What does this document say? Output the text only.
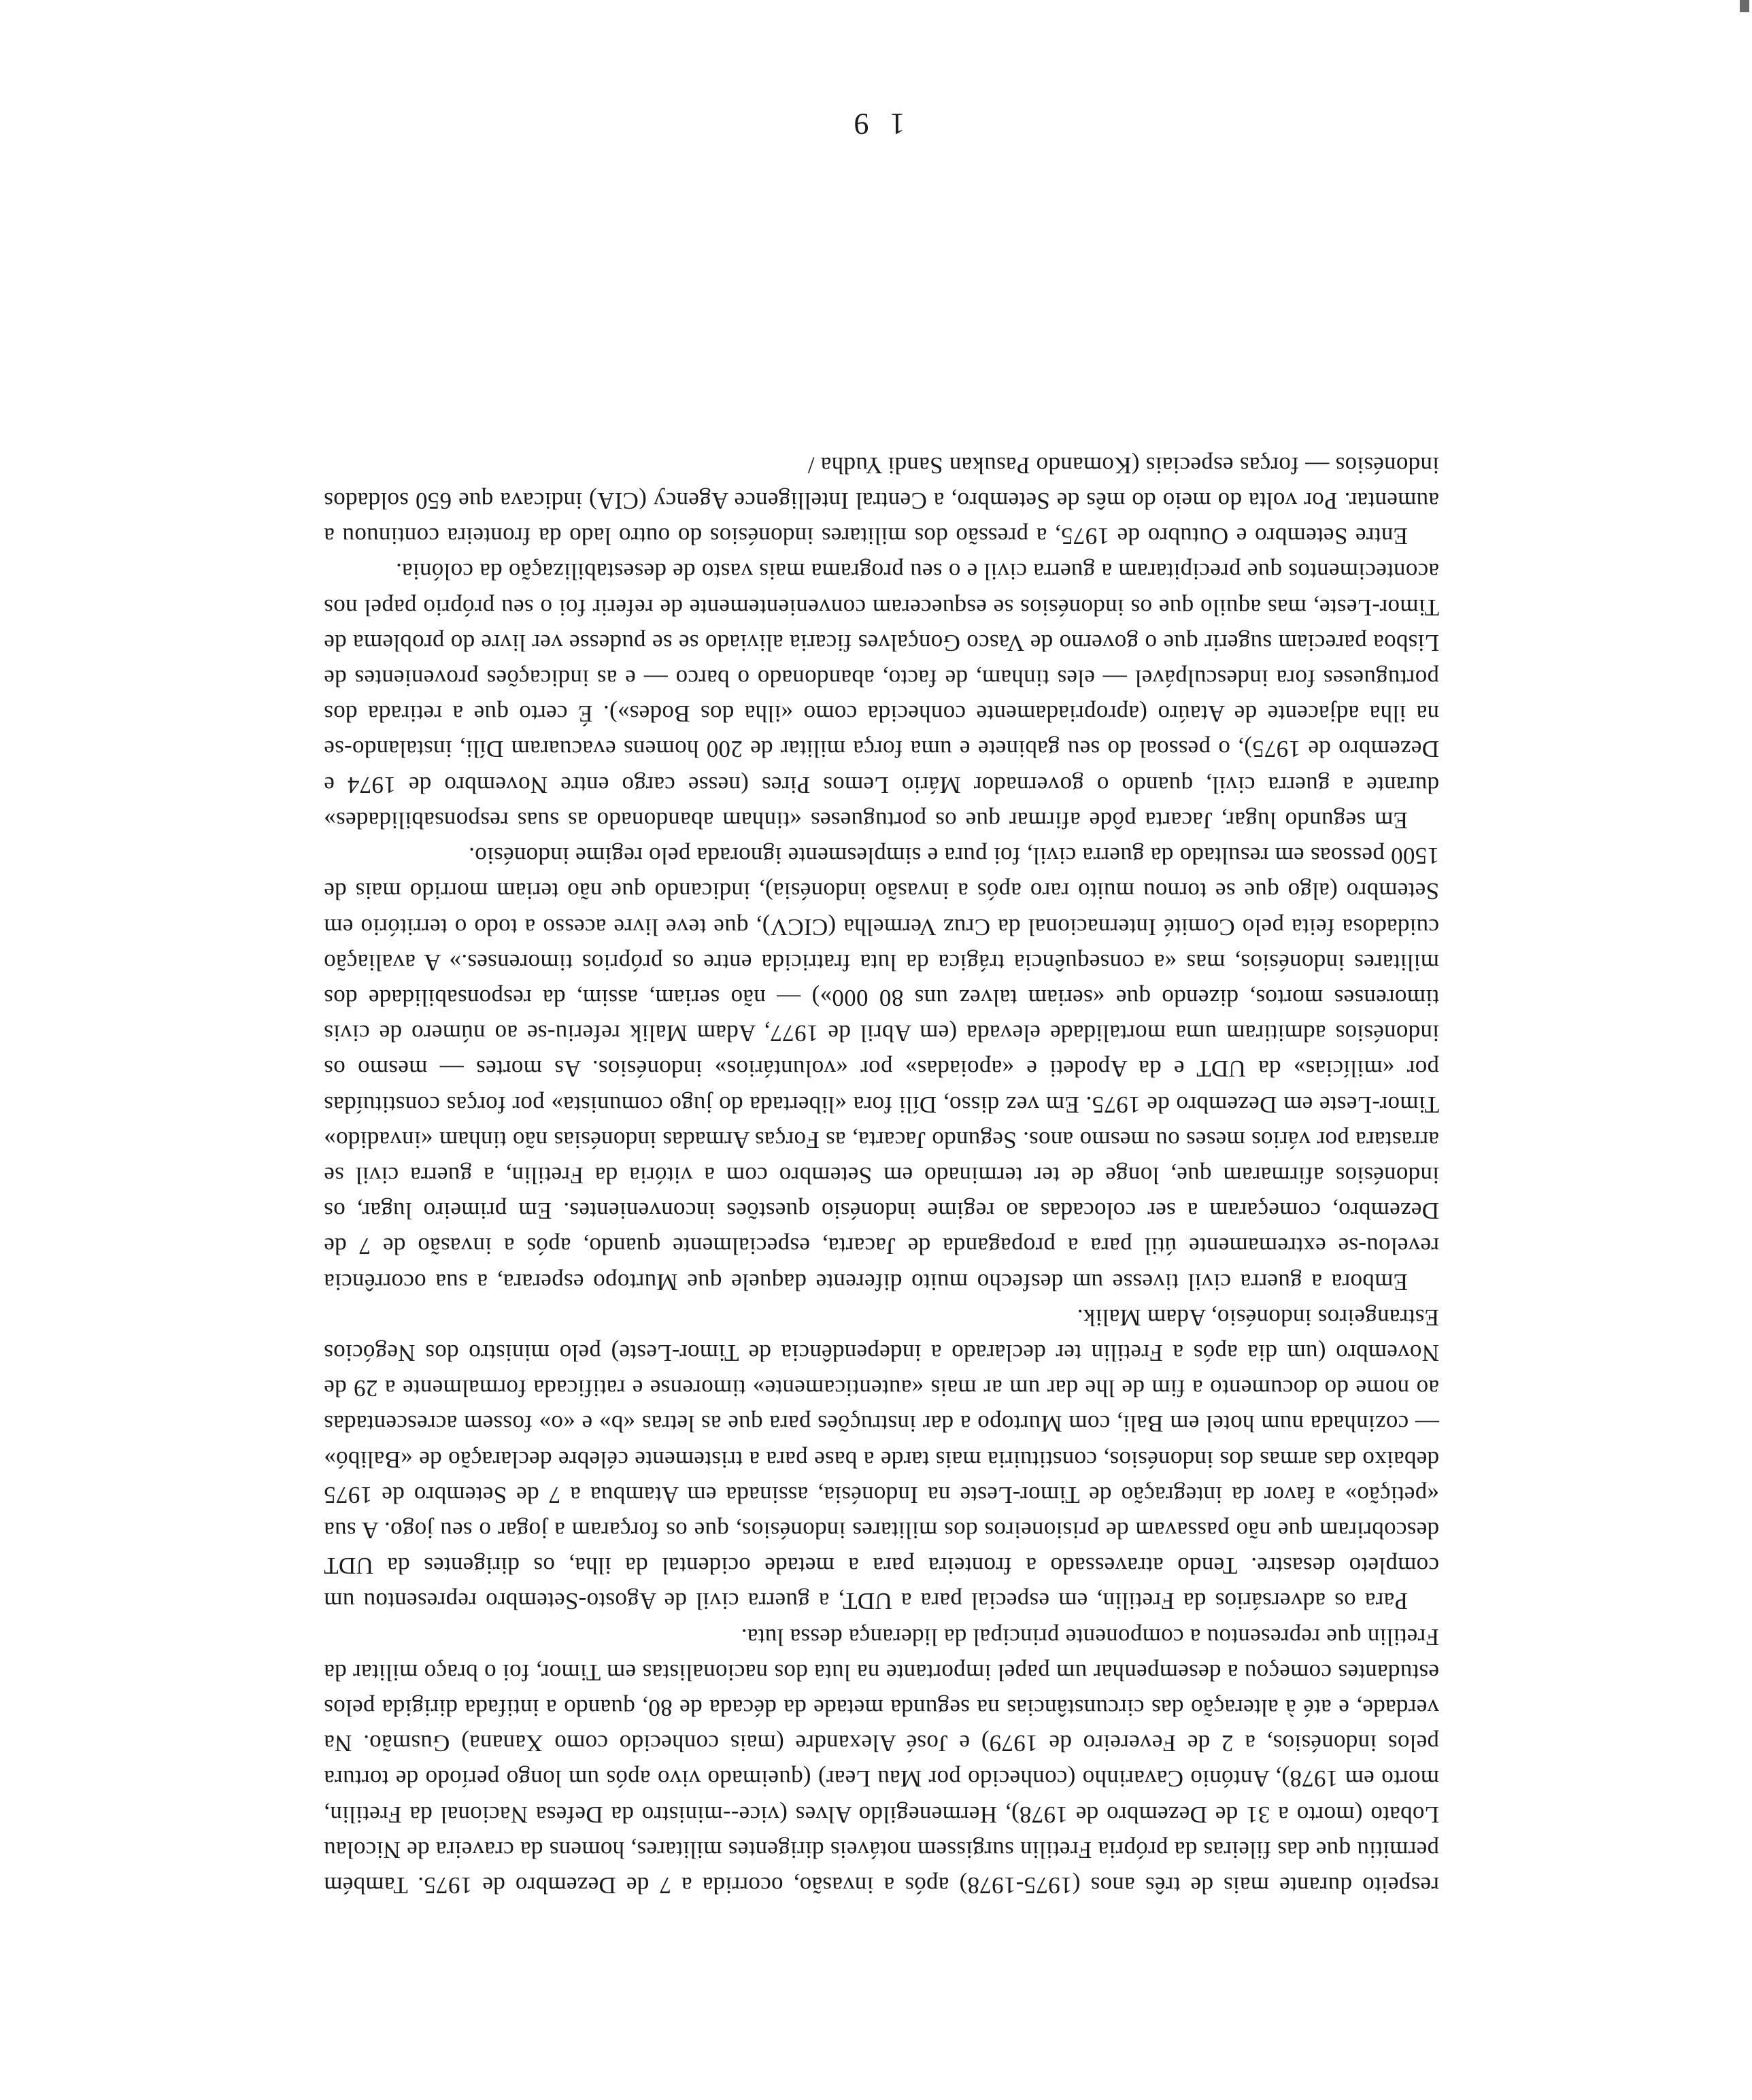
respeito durante mais de três anos (1975-1978) após a invasão, ocorrida a 7 de Dezembro de 1975. Também permitiu que das fileiras da própria Fretilin surgissem notáveis dirigentes militares, homens da craveira de Nicolau Lobato (morto a 31 de Dezembro de 1978), Hermenegildo Alves (vice--ministro da Defesa Nacional da Fretilin, morto em 1978), António Cavarinho (conhecido por Mau Lear) (queimado vivo após um longo período de tortura pelos indonésios, a 2 de Fevereiro de 1979) e José Alexandre (mais conhecido como Xanana) Gusmão. Na verdade, e até à alteração das circunstâncias na segunda metade da década de 80, quando a intifada dirigida pelos estudantes começou a desempenhar um papel importante na luta dos nacionalistas em Timor, foi o braço militar da Fretilin que representou a componente principal da liderança dessa luta.

Para os adversários da Fretilin, em especial para a UDT, a guerra civil de Agosto-Setembro representou um completo desastre. Tendo atravessado a fronteira para a metade ocidental da ilha, os dirigentes da UDT descobriram que não passavam de prisioneiros dos militares indonésios, que os forçaram a jogar o seu jogo. A sua «petição» a favor da integração de Timor-Leste na Indonésia, assinada em Atambua a 7 de Setembro de 1975 debaixo das armas dos indonésios, constituiria mais tarde a base para a tristemente célebre declaração de «Balibó» — cozinhada num hotel em Bali, com Murtopo a dar instruções para que as letras «b» e «o» fossem acrescentadas ao nome do documento a fim de lhe dar um ar mais «autenticamente» timorense e ratificada formalmente a 29 de Novembro (um dia após a Fretilin ter declarado a independência de Timor-Leste) pelo ministro dos Negócios Estrangeiros indonésio, Adam Malik.

Embora a guerra civil tivesse um desfecho muito diferente daquele que Murtopo esperara, a sua ocorrência revelou-se extremamente útil para a propaganda de Jacarta, especialmente quando, após a invasão de 7 de Dezembro, começaram a ser colocadas ao regime indonésio questões inconvenientes. Em primeiro lugar, os indonésios afirmaram que, longe de ter terminado em Setembro com a vitória da Fretilin, a guerra civil se arrastara por vários meses ou mesmo anos. Segundo Jacarta, as Forças Armadas indonésias não tinham «invadido» Timor-Leste em Dezembro de 1975. Em vez disso, Díli fora «libertada do jugo comunista» por forças constituídas por «milícias» da UDT e da Apodeti e «apoiadas» por «voluntários» indonésios. As mortes — mesmo os indonésios admitiram uma mortalidade elevada (em Abril de 1977, Adam Malik referiu-se ao número de civis timorenses mortos, dizendo que «seriam talvez uns 80 000») — não seriam, assim, da responsabilidade dos militares indonésios, mas «a consequência trágica da luta fratricida entre os próprios timorenses.» A avaliação cuidadosa feita pelo Comité Internacional da Cruz Vermelha (CICV), que teve livre acesso a todo o território em Setembro (algo que se tornou muito raro após a invasão indonésia), indicando que não teriam morrido mais de 1500 pessoas em resultado da guerra civil, foi pura e simplesmente ignorada pelo regime indonésio.

Em segundo lugar, Jacarta pôde afirmar que os portugueses «tinham abandonado as suas responsabilidades» durante a guerra civil, quando o governador Mário Lemos Pires (nesse cargo entre Novembro de 1974 e Dezembro de 1975), o pessoal do seu gabinete e uma força militar de 200 homens evacuaram Díli, instalando-se na ilha adjacente de Ataúro (apropriadamente conhecida como «ilha dos Bodes»). É certo que a retirada dos portugueses fora indesculpável — eles tinham, de facto, abandonado o barco — e as indicações provenientes de Lisboa pareciam sugerir que o governo de Vasco Gonçalves ficaria aliviado se se pudesse ver livre do problema de Timor-Leste, mas aquilo que os indonésios se esqueceram convenientemente de referir foi o seu próprio papel nos acontecimentos que precipitaram a guerra civil e o seu programa mais vasto de desestabilização da colónia.

Entre Setembro e Outubro de 1975, a pressão dos militares indonésios do outro lado da fronteira continuou a aumentar. Por volta do meio do mês de Setembro, a Central Intelligence Agency (CIA) indicava que 650 soldados indonésios — forças especiais (Komando Pasukan Sandi Yudha /

1 9
